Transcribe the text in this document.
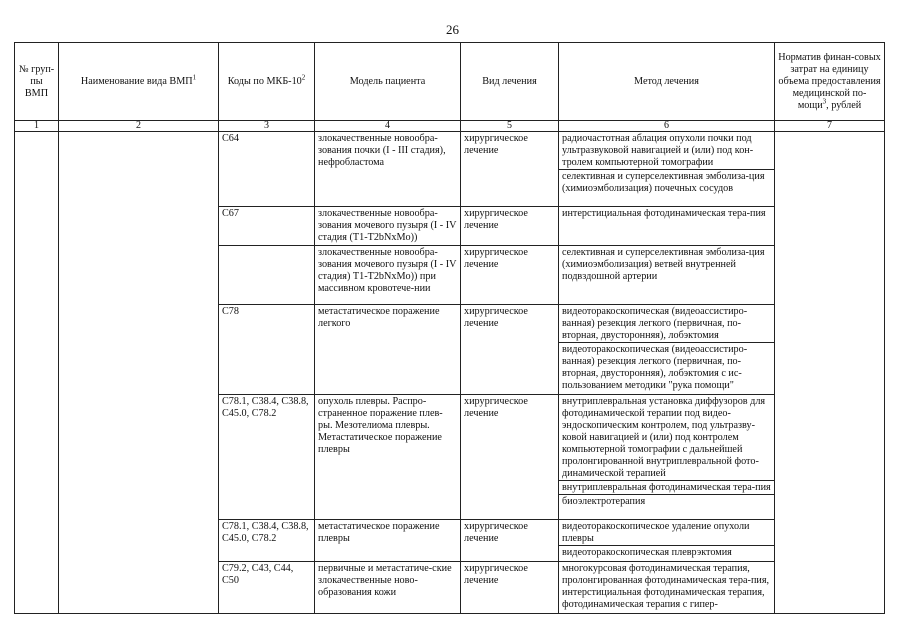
26
№ груп-пы ВМП	Наименование вида ВМП$^1$	Коды по МКБ-$10^2$	Модель пациента	Вид лечения	Метод лечения	Норматив финан-совых затрат на единицу объема предоставления медицинской по-мощи$^3$, рублей
1	2	3	4	5	6	7
		C64	злокачественные новообра-зования почки (I - III стадия), нефробластома	хирургическое лечение	радиочастотная аблация опухоли почки под ультразвуковой навигацией и (или) под кон-тролем компьютерной томографии
селективная и суперселективная эмболиза-ция (химиоэмболизация) почечных сосудов	

		C67	злокачественные новообра-зования мочевого пузыря (I - IV стадия (T1-T2bNxMo))	хирургическое лечение	интерстициальная фотодинамическая тера-пия	

			злокачественные новообра-зования мочевого пузыря (I - IV стадия) T1-T2bNxMo)) при массивном кровотече-нии	хирургическое лечение	селективная и суперселективная эмболиза-ция (химиоэмболизация) ветвей внутренней подвздошной артерии	

		C78	метастатическое поражение легкого	хирургическое лечение	видеоторакоскопическая (видеоассистиро-ванная) резекция легкого (первичная, по-вторная, двусторонняя), лобэктомия
видеоторакоскопическая (видеоассистиро-ванная) резекция легкого (первичная, по-вторная, двусторонняя), лобэктомия с ис-пользованием методики "рука помощи"	

		C78.1, C38.4, C38.8, C45.0, C78.2	опухоль плевры. Распро-страненное поражение плев-ры. Мезотелиома плевры. Метастатическое поражение плевры	хирургическое лечение	внутриплевральная установка диффузоров для фотодинамической терапии под видео-эндоскопическим контролем, под ультразву-ковой навигацией и (или) под контролем компьютерной томографии с дальнейшей пролонгированной внутриплевральной фото-динамической терапией
внутриплевральная фотодинамическая тера-пия
биоэлектротерапия	

		C78.1, C38.4, C38.8, C45.0, C78.2	метастатическое поражение плевры	хирургическое лечение	видеоторакоскопическое удаление опухоли плевры
видеоторакоскопическая плеврэктомия	

		C79.2, C43, C44, C50	первичные и метастатиче-ские злокачественные ново-образования кожи	хирургическое лечение	многокурсовая фотодинамическая терапия, пролонгированная фотодинамическая тера-пия, интерстициальная фотодинамическая терапия, фотодинамическая терапия с гипер-	
